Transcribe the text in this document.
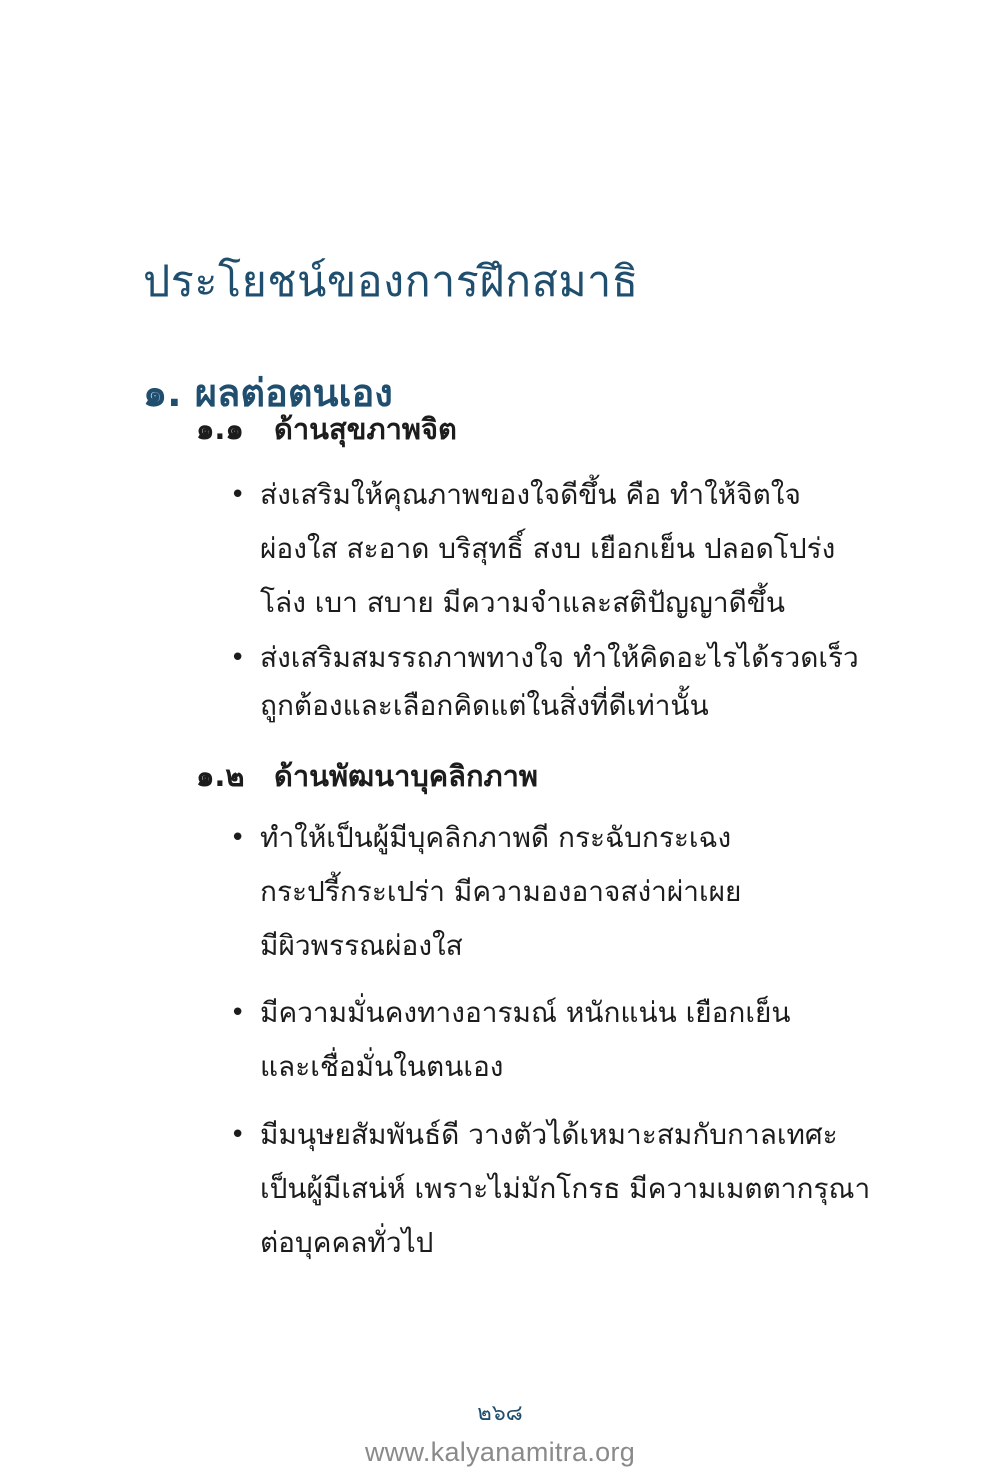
ประโยชน์ของการฝึกสมาธิ
๑. ผลต่อตนเอง
๑.๑ ด้านสุขภาพจิต
• ส่งเสริมให้คุณภาพของใจดีขึ้น คือ ทำให้จิตใจ
ผ่องใส สะอาด บริสุทธิ์ สงบ เยือกเย็น ปลอดโปร่ง
โล่ง เบา สบาย มีความจำและสติปัญญาดีขึ้น
• ส่งเสริมสมรรถภาพทางใจ ทำให้คิดอะไรได้รวดเร็ว
ถูกต้องและเลือกคิดแต่ในสิ่งที่ดีเท่านั้น
๑.๒ ด้านพัฒนาบุคลิกภาพ
• ทำให้เป็นผู้มีบุคลิกภาพดี กระฉับกระเฉง
กระปรี้กระเปร่า มีความองอาจสง่าผ่าเผย
มีผิวพรรณผ่องใส
• มีความมั่นคงทางอารมณ์ หนักแน่น เยือกเย็น
และเชื่อมั่นในตนเอง
• มีมนุษยสัมพันธ์ดี วางตัวได้เหมาะสมกับกาลเทศะ
เป็นผู้มีเสน่ห์ เพราะไม่มักโกรธ มีความเมตตากรุณา
ต่อบุคคลทั่วไป
๒๖๘
www.kalyanamitra.org
